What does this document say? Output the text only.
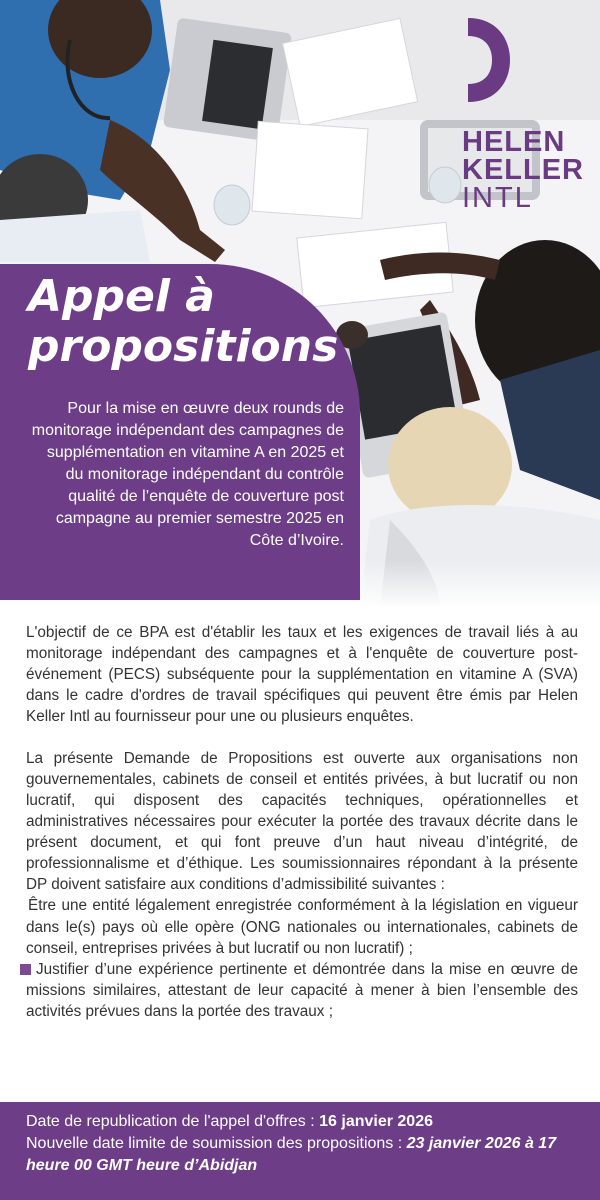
HELEN
KELLER
INTL
Appel à
propositions
Pour la mise en œuvre deux rounds de monitorage indépendant des campagnes de supplémentation en vitamine A en 2025 et du monitorage indépendant du contrôle qualité de l’enquête de couverture post campagne au premier semestre 2025 en Côte d’Ivoire.

L'objectif de ce BPA est d'établir les taux et les exigences de travail liés à au monitorage indépendant des campagnes et à l'enquête de couverture post-événement (PECS) subséquente pour la supplémentation en vitamine A (SVA) dans le cadre d'ordres de travail spécifiques qui peuvent être émis par Helen Keller Intl au fournisseur pour une ou plusieurs enquêtes.

La présente Demande de Propositions est ouverte aux organisations non gouvernementales, cabinets de conseil et entités privées, à but lucratif ou non lucratif, qui disposent des capacités techniques, opérationnelles et administratives nécessaires pour exécuter la portée des travaux décrite dans le présent document, et qui font preuve d’un haut niveau d’intégrité, de professionnalisme et d’éthique. Les soumissionnaires répondant à la présente DP doivent satisfaire aux conditions d’admissibilité suivantes :

Être une entité légalement enregistrée conformément à la législation en vigueur dans le(s) pays où elle opère (ONG nationales ou internationales, cabinets de conseil, entreprises privées à but lucratif ou non lucratif) ;

Justifier d’une expérience pertinente et démontrée dans la mise en œuvre de missions similaires, attestant de leur capacité à mener à bien l’ensemble des activités prévues dans la portée des travaux ;

Date de republication de l'appel d'offres : 16 janvier 2026
Nouvelle date limite de soumission des propositions : 23 janvier 2026 à 17 heure 00 GMT heure d’Abidjan
